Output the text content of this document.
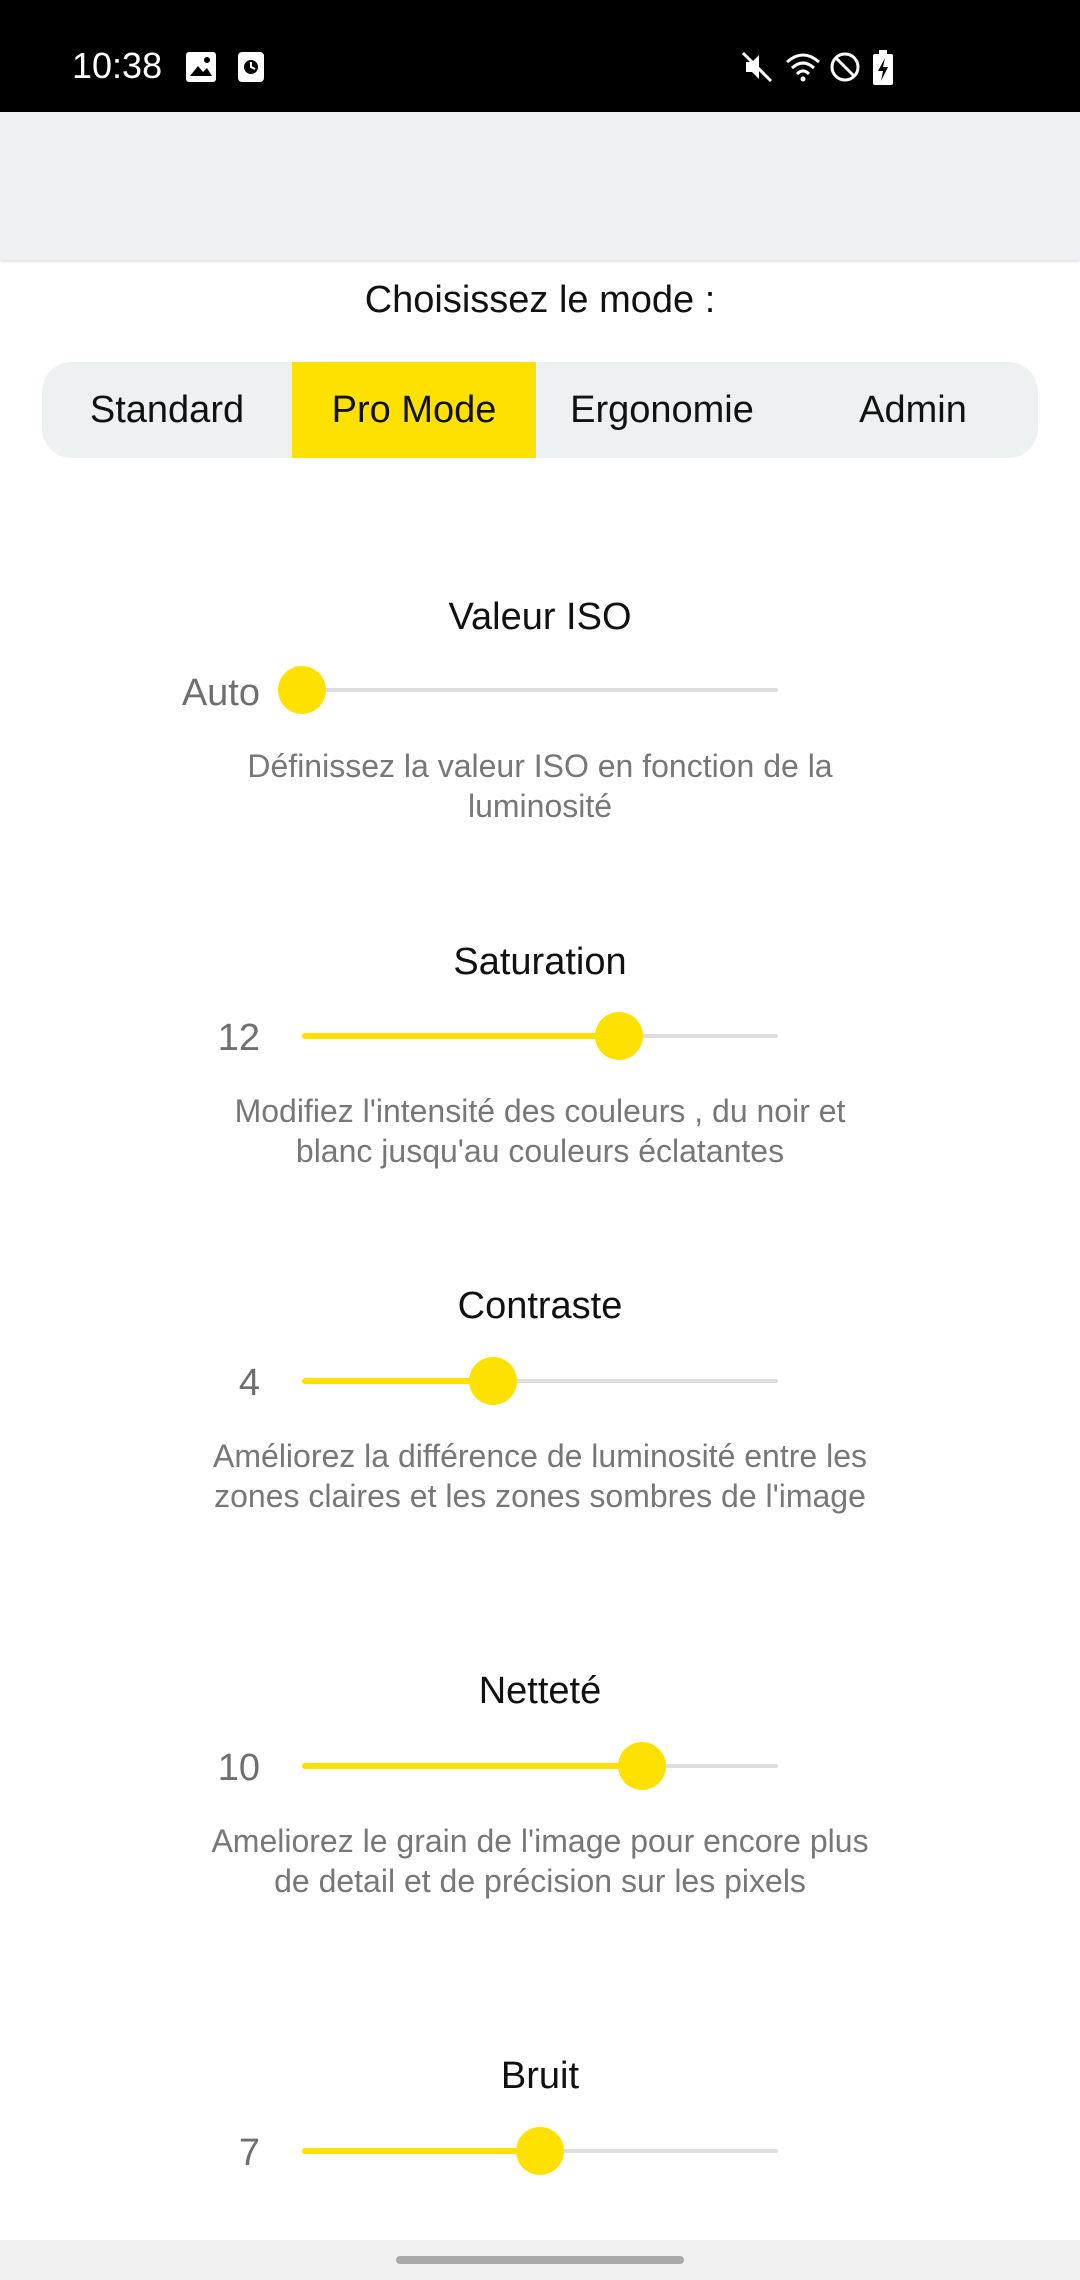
10:38
Choisissez le mode :
Standard	Pro Mode	Ergonomie	Admin
Valeur ISO
Auto
Définissez la valeur ISO en fonction de la luminosité
Saturation
12
Modifiez l'intensité des couleurs , du noir et blanc jusqu'au couleurs éclatantes
Contraste
4
Améliorez la différence de luminosité entre les zones claires et les zones sombres de l'image
Netteté
10
Ameliorez le grain de l'image pour encore plus de detail et de précision sur les pixels
Bruit
7
